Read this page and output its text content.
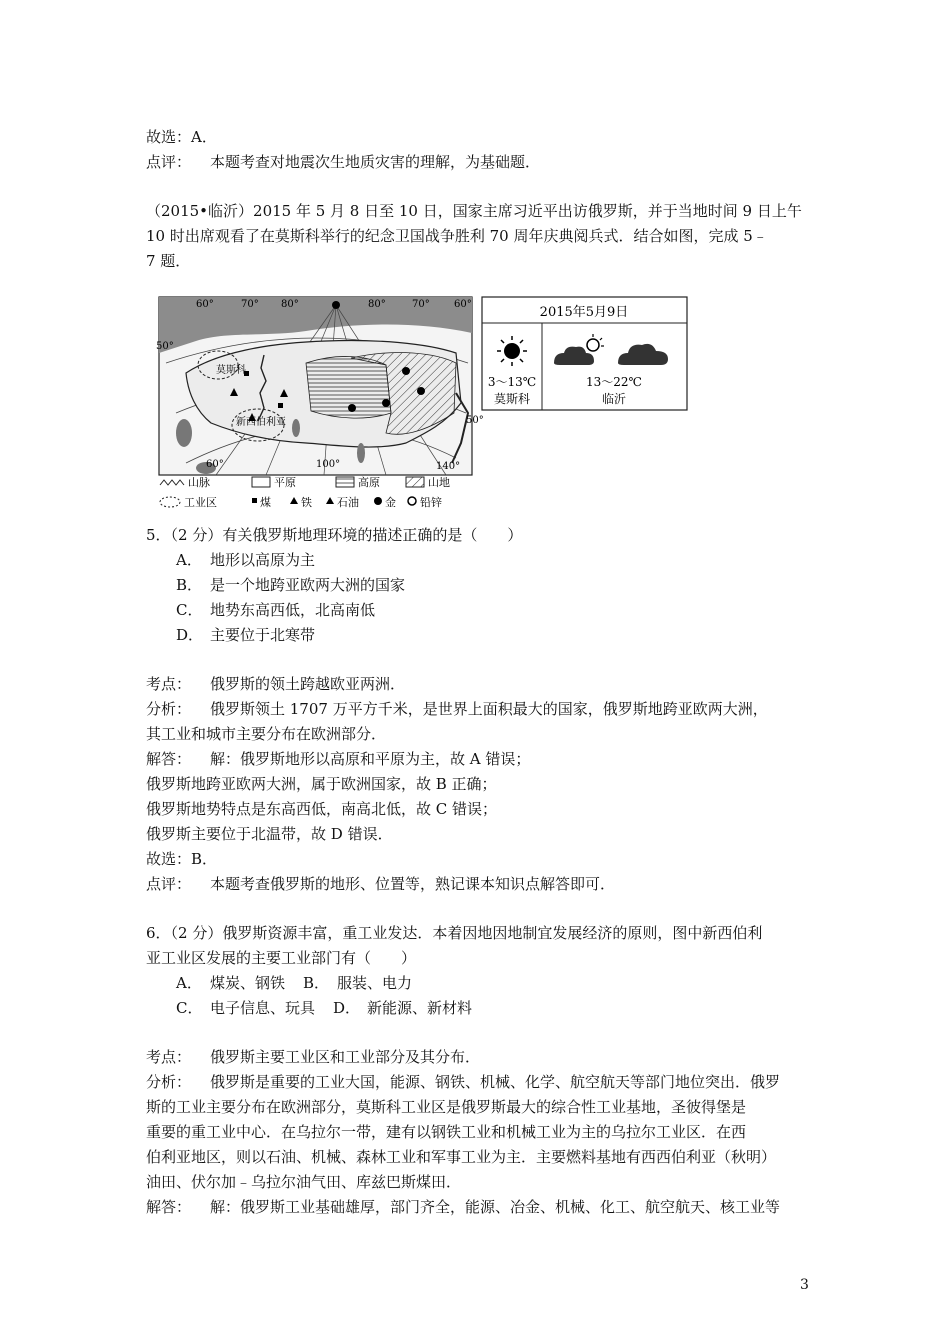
故选：A．
点评： 本题考查对地震次生地质灾害的理解，为基础题．
（2015•临沂）2015 年 5 月 8 日至 10 日，国家主席习近平出访俄罗斯，并于当地时间 9 日上午
10 时出席观看了在莫斯科举行的纪念卫国战争胜利 70 周年庆典阅兵式．结合如图，完成 5﹣
7 题．
60°	70° 80°	80°	70° 60°
50°
50°
60°	100°	140°
莫斯科
新西伯利亚
山脉	平原	高原	山地
工业区	煤	铁 石油 金 铅锌
2015年5月9日
3～13℃
莫斯科
13～22℃
临沂
5．（2 分）有关俄罗斯地理环境的描述正确的是（　　）
A． 地形以高原为主
B． 是一个地跨亚欧两大洲的国家
C． 地势东高西低，北高南低
D． 主要位于北寒带
考点： 俄罗斯的领土跨越欧亚两洲．
分析： 俄罗斯领土 1707 万平方千米，是世界上面积最大的国家，俄罗斯地跨亚欧两大洲，
其工业和城市主要分布在欧洲部分．
解答： 解：俄罗斯地形以高原和平原为主，故 A 错误；
俄罗斯地跨亚欧两大洲，属于欧洲国家，故 B 正确；
俄罗斯地势特点是东高西低，南高北低，故 C 错误；
俄罗斯主要位于北温带，故 D 错误．
故选：B．
点评： 本题考查俄罗斯的地形、位置等，熟记课本知识点解答即可．
6．（2 分）俄罗斯资源丰富，重工业发达．本着因地因地制宜发展经济的原则，图中新西伯利
亚工业区发展的主要工业部门有（　　）
A． 煤炭、钢铁 B． 服装、电力
C． 电子信息、玩具 D． 新能源、新材料
考点： 俄罗斯主要工业区和工业部分及其分布．
分析： 俄罗斯是重要的工业大国，能源、钢铁、机械、化学、航空航天等部门地位突出．俄罗
斯的工业主要分布在欧洲部分，莫斯科工业区是俄罗斯最大的综合性工业基地，圣彼得堡是
重要的重工业中心．在乌拉尔一带，建有以钢铁工业和机械工业为主的乌拉尔工业区．在西
伯利亚地区，则以石油、机械、森林工业和军事工业为主．主要燃料基地有西西伯利亚（秋明）
油田、伏尔加﹣乌拉尔油气田、库兹巴斯煤田．
解答： 解：俄罗斯工业基础雄厚，部门齐全，能源、冶金、机械、化工、航空航天、核工业等
3
